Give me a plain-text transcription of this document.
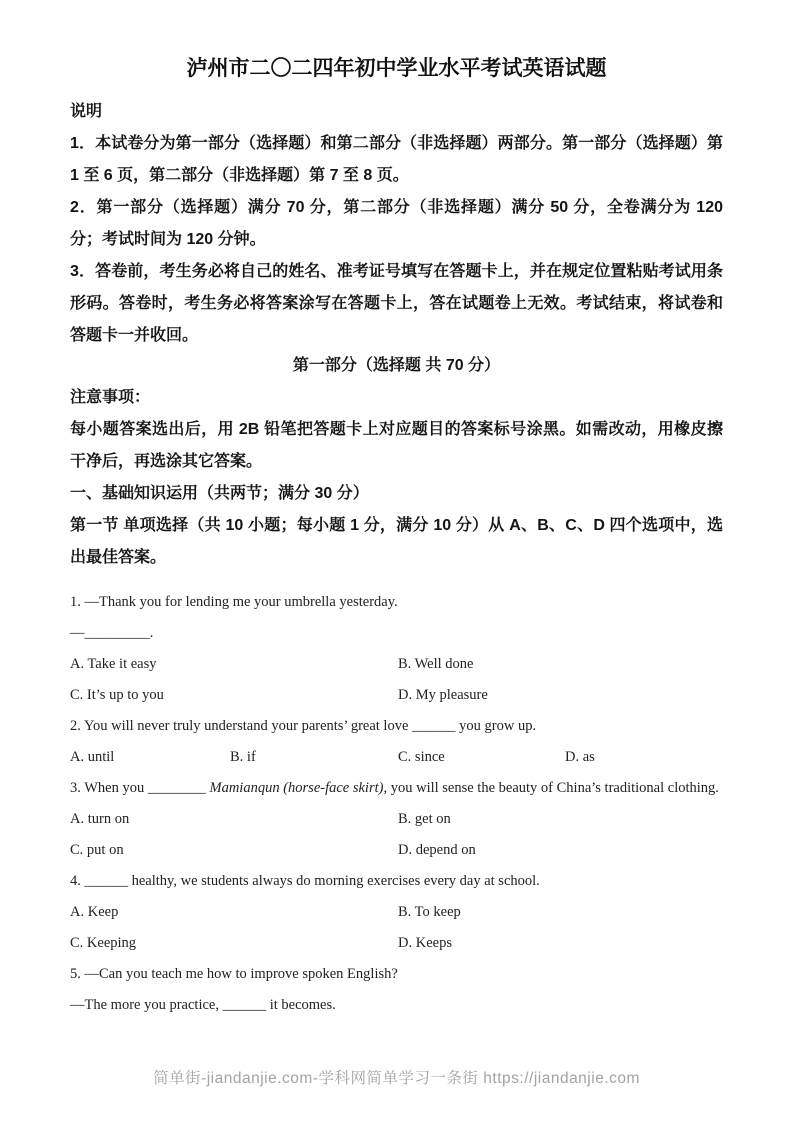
泸州市二〇二四年初中学业水平考试英语试题
说明

1．本试卷分为第一部分（选择题）和第二部分（非选择题）两部分。第一部分（选择题）第 1 至 6 页，第二部分（非选择题）第 7 至 8 页。

2．第一部分（选择题）满分 70 分，第二部分（非选择题）满分 50 分，全卷满分为 120 分；考试时间为 120 分钟。

3．答卷前，考生务必将自己的姓名、准考证号填写在答题卡上，并在规定位置粘贴考试用条形码。答卷时，考生务必将答案涂写在答题卡上，答在试题卷上无效。考试结束，将试卷和答题卡一并收回。

第一部分（选择题 共 70 分）
注意事项：

每小题答案选出后，用 2B 铅笔把答题卡上对应题目的答案标号涂黑。如需改动，用橡皮擦干净后，再选涂其它答案。

一、基础知识运用（共两节；满分 30 分）

第一节 单项选择（共 10 小题；每小题 1 分，满分 10 分）从 A、B、C、D 四个选项中，选出最佳答案。

1. —Thank you for lending me your umbrella yesterday.

—_________.

A. Take it easy	B. Well done
C. It’s up to you	D. My pleasure

2. You will never truly understand your parents’ great love ______ you grow up.

A. until	B. if	C. since	D. as

3. When you ________ Mamianqun (horse-face skirt), you will sense the beauty of China’s traditional clothing.

A. turn on	B. get on
C. put on	D. depend on

4. ______ healthy, we students always do morning exercises every day at school.

A. Keep	B. To keep
C. Keeping	D. Keeps

5. —Can you teach me how to improve spoken English?

—The more you practice, ______ it becomes.

简单街-jiandanjie.com-学科网简单学习一条街 https://jiandanjie.com
